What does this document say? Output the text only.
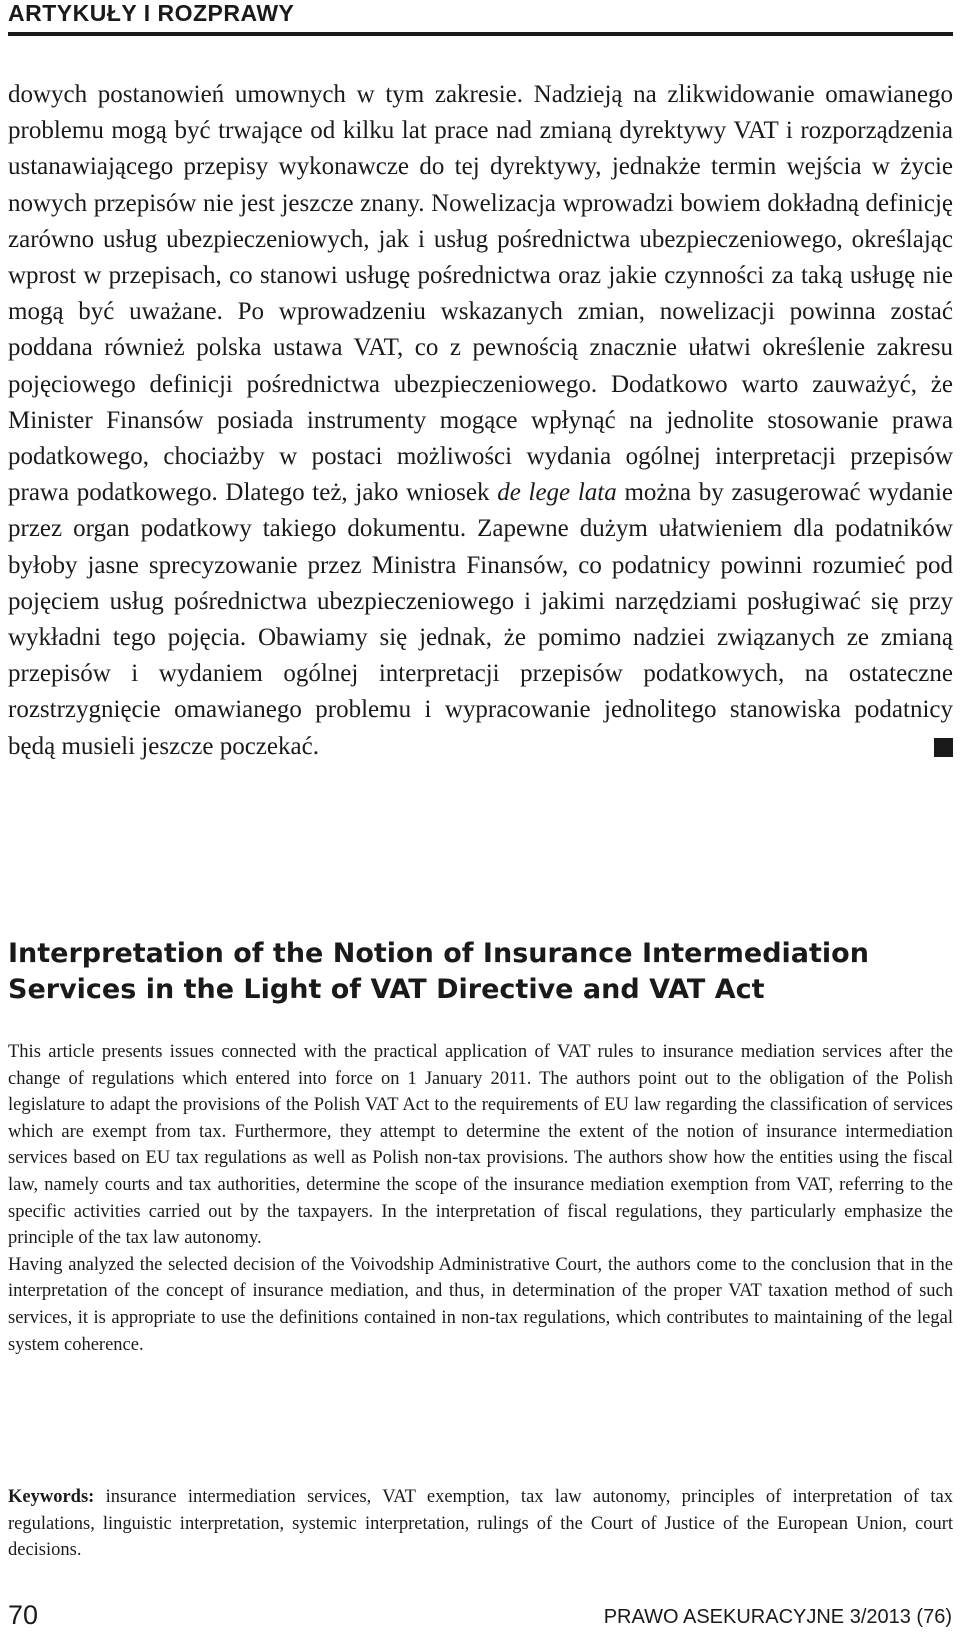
ARTYKUŁY I ROZPRAWY

dowych postanowień umownych w tym zakresie. Nadzieją na zlikwidowanie omawianego problemu mogą być trwające od kilku lat prace nad zmianą dyrektywy VAT i rozporządzenia ustanawiającego przepisy wykonawcze do tej dyrektywy, jednakże termin wejścia w życie nowych przepisów nie jest jeszcze znany. Nowelizacja wprowadzi bowiem dokładną definicję zarówno usług ubezpieczeniowych, jak i usług pośrednictwa ubezpieczeniowego, określając wprost w przepisach, co stanowi usługę pośrednictwa oraz jakie czynności za taką usługę nie mogą być uważane. Po wprowadzeniu wskazanych zmian, nowelizacji powinna zostać poddana również polska ustawa VAT, co z pewnością znacznie ułatwi określenie zakresu pojęciowego definicji pośrednictwa ubezpieczeniowego. Dodatkowo warto zauważyć, że Minister Finansów posiada instrumenty mogące wpłynąć na jednolite stosowanie prawa podatkowego, chociażby w postaci możliwości wydania ogólnej interpretacji przepisów prawa podatkowego. Dlatego też, jako wniosek de lege lata można by zasugerować wydanie przez organ podatkowy takiego dokumentu. Zapewne dużym ułatwieniem dla podatników byłoby jasne sprecyzowanie przez Ministra Finansów, co podatnicy powinni rozumieć pod pojęciem usług pośrednictwa ubezpieczeniowego i jakimi narzędziami posługiwać się przy wykładni tego pojęcia. Obawiamy się jednak, że pomimo nadziei związanych ze zmianą przepisów i wydaniem ogólnej interpretacji przepisów podatkowych, na ostateczne rozstrzygnięcie omawianego problemu i wypracowanie jednolitego stanowiska podatnicy będą musieli jeszcze poczekać.

Interpretation of the Notion of Insurance Intermediation Services in the Light of VAT Directive and VAT Act

This article presents issues connected with the practical application of VAT rules to insurance mediation services after the change of regulations which entered into force on 1 January 2011. The authors point out to the obligation of the Polish legislature to adapt the provisions of the Polish VAT Act to the requirements of EU law regarding the classification of services which are exempt from tax. Furthermore, they attempt to determine the extent of the notion of insurance intermediation services based on EU tax regulations as well as Polish non-tax provisions. The authors show how the entities using the fiscal law, namely courts and tax authorities, determine the scope of the insurance mediation exemption from VAT, referring to the specific activities carried out by the taxpayers. In the interpretation of fiscal regulations, they particularly emphasize the principle of the tax law autonomy.

Having analyzed the selected decision of the Voivodship Administrative Court, the authors come to the conclusion that in the interpretation of the concept of insurance mediation, and thus, in determination of the proper VAT taxation method of such services, it is appropriate to use the definitions contained in non-tax regulations, which contributes to maintaining of the legal system coherence.

Keywords: insurance intermediation services, VAT exemption, tax law autonomy, principles of interpretation of tax regulations, linguistic interpretation, systemic interpretation, rulings of the Court of Justice of the European Union, court decisions.

70	PRAWO ASEKURACYJNE 3/2013 (76)
